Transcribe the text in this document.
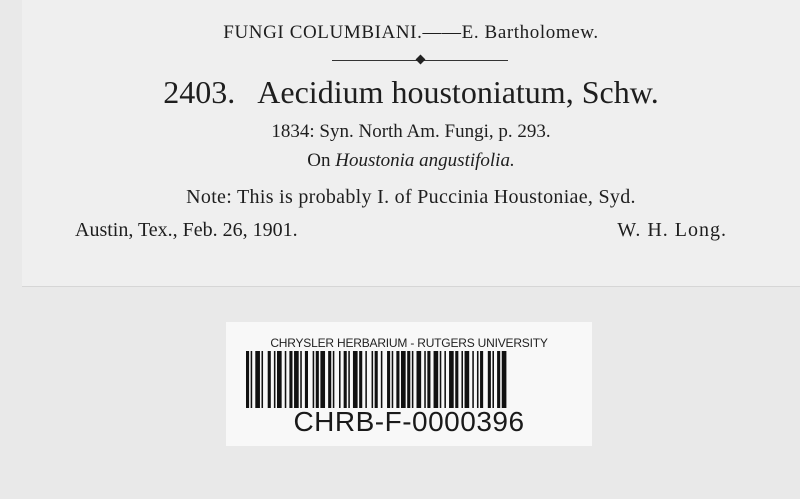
FUNGI COLUMBIANI.——E. Bartholomew.
2403. Aecidium houstoniatum, Schw.
1834: Syn. North Am. Fungi, p. 293.
On Houstonia angustifolia.
Note: This is probably I. of Puccinia Houstoniae, Syd.
Austin, Tex., Feb. 26, 1901.	W. H. Long.
CHRYSLER HERBARIUM - RUTGERS UNIVERSITY
CHRB-F-0000396
